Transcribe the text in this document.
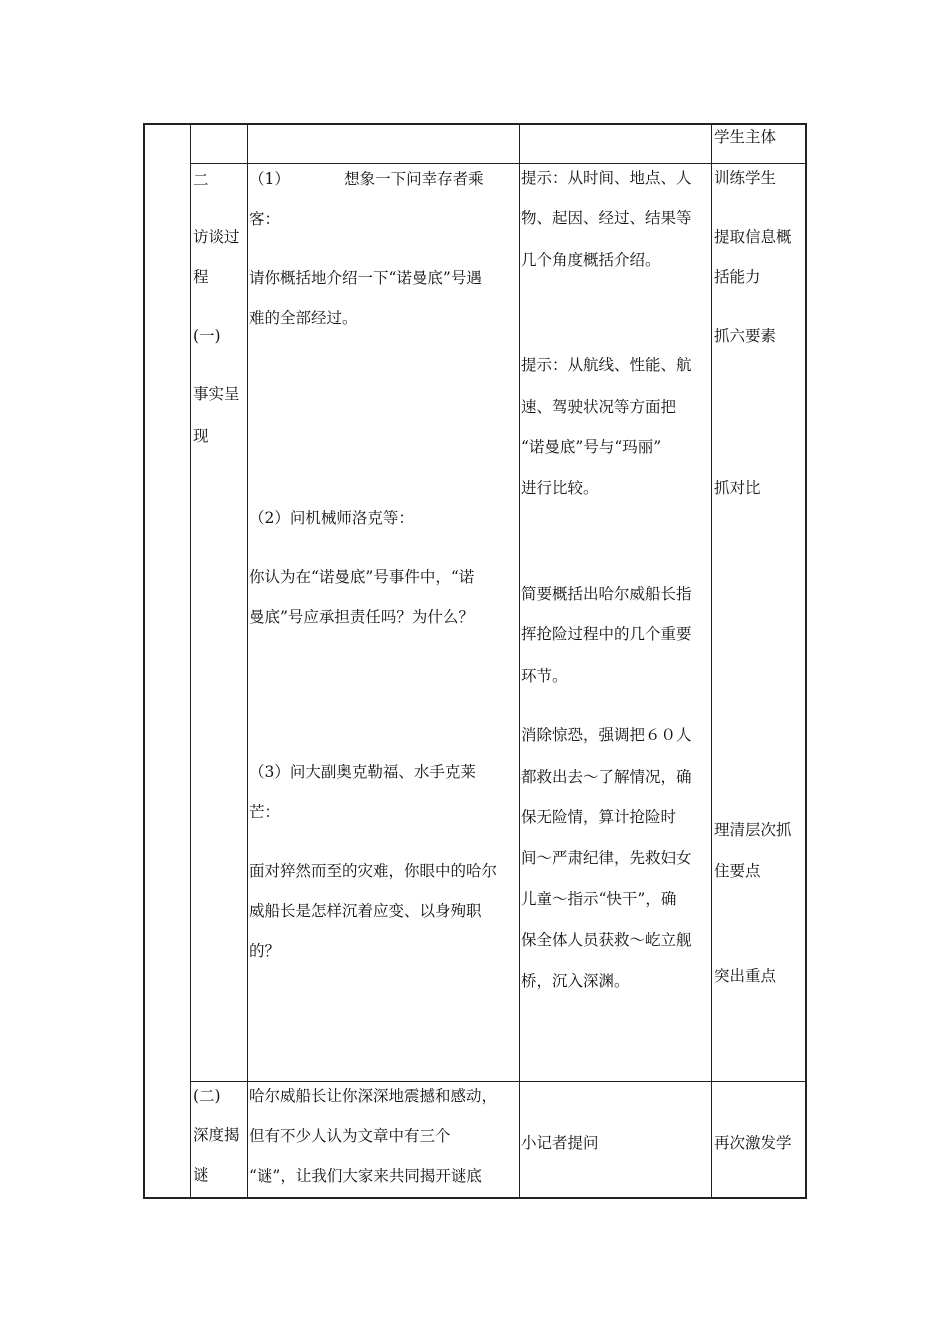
学生主体
二
访谈过
程
(一)
事实呈
现
（1）　　　　想象一下问幸存者乘
客：
请你概括地介绍一下“诺曼底”号遇
难的全部经过。
（2）问机械师洛克等：
你认为在“诺曼底”号事件中，“诺
曼底”号应承担责任吗？为什么？
（3）问大副奥克勒福、水手克莱
芒：
面对猝然而至的灾难，你眼中的哈尔
威船长是怎样沉着应变、以身殉职
的？
提示：从时间、地点、人
物、起因、经过、结果等
几个角度概括介绍。
提示：从航线、性能、航
速、驾驶状况等方面把
“诺曼底”号与“玛丽”
进行比较。
简要概括出哈尔威船长指
挥抢险过程中的几个重要
环节。
消除惊恐，强调把６０人
都救出去～了解情况，确
保无险情，算计抢险时
间～严肃纪律，先救妇女
儿童～指示“快干”，确
保全体人员获救～屹立舰
桥，沉入深渊。
训练学生
提取信息概
括能力
抓六要素
抓对比
理清层次抓
住要点
突出重点
(二)
深度揭
谜
哈尔威船长让你深深地震撼和感动，
但有不少人认为文章中有三个
“谜”，让我们大家来共同揭开谜底
小记者提问	再次激发学
